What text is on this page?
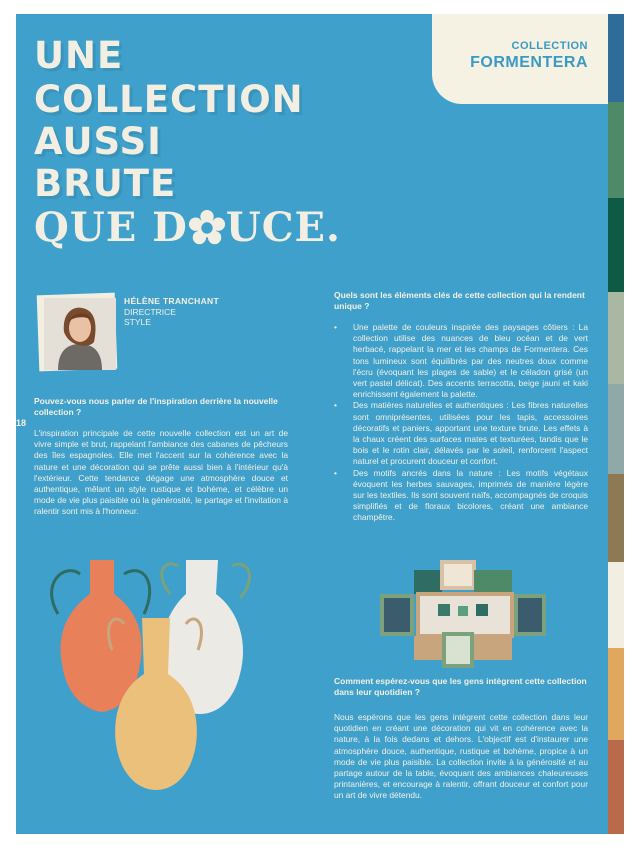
COLLECTION
FORMENTERA
UNE
COLLECTION
AUSSI
BRUTE
QUE D UCE.
HÉLÈNE TRANCHANT
DIRECTRICE
STYLE
Pouvez-vous nous parler de l'inspiration derrière la nouvelle collection ?
18
L'inspiration principale de cette nouvelle collection est un art de vivre simple et brut, rappelant l'ambiance des cabanes de pêcheurs des îles espagnoles. Elle met l'accent sur la cohérence avec la nature et une décoration qui se prête aussi bien à l'intérieur qu'à l'extérieur. Cette tendance dégage une atmosphère douce et authentique, mêlant un style rustique et bohème, et célèbre un mode de vie plus paisible où la générosité, le partage et l'invitation à ralentir sont mis à l'honneur.
Quels sont les éléments clés de cette collection qui la rendent unique ?
• Une palette de couleurs inspirée des paysages côtiers : La collection utilise des nuances de bleu océan et de vert herbacé, rappelant la mer et les champs de Formentera. Ces tons lumineux sont équilibrés par des neutres doux comme l'écru (évoquant les plages de sable) et le céladon grisé (un vert pastel délicat). Des accents terracotta, beige jauni et kaki enrichissent également la palette.
• Des matières naturelles et authentiques : Les fibres naturelles sont omniprésentes, utilisées pour les tapis, accessoires décoratifs et paniers, apportant une texture brute. Les effets à la chaux créent des surfaces mates et texturées, tandis que le bois et le rotin clair, délavés par le soleil, renforcent l'aspect naturel et procurent douceur et confort.
• Des motifs ancrés dans la nature : Les motifs végétaux évoquent les herbes sauvages, imprimés de manière légère sur les textiles. Ils sont souvent naïfs, accompagnés de croquis simplifiés et de floraux bicolores, créant une ambiance champêtre.
Comment espérez-vous que les gens intègrent cette collection dans leur quotidien ?
Nous espérons que les gens intègrent cette collection dans leur quotidien en créant une décoration qui vit en cohérence avec la nature, à la fois dedans et dehors. L'objectif est d'instaurer une atmosphère douce, authentique, rustique et bohème, propice à un mode de vie plus paisible. La collection invite à la générosité et au partage autour de la table, évoquant des ambiances chaleureuses printanières, et encourage à ralentir, offrant douceur et confort pour un art de vivre détendu.
